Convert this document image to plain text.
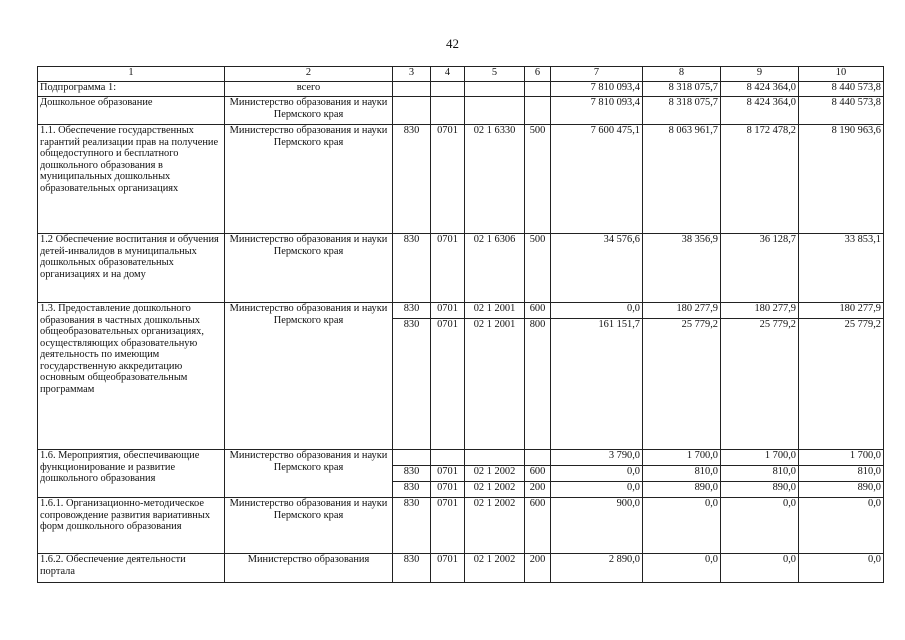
42
1	2	3	4	5	6	7	8	9	10
Подпрограмма 1:	всего					7 810 093,4	8 318 075,7	8 424 364,0	8 440 573,8
Дошкольное образование	Министерство образования и науки Пермского края					7 810 093,4	8 318 075,7	8 424 364,0	8 440 573,8
1.1. Обеспечение государственных гарантий реализации прав на получение общедоступного и бесплатного дошкольного образования в муниципальных дошкольных образовательных организациях	Министерство образования и науки Пермского края	830	0701	02 1 6330	500	7 600 475,1	8 063 961,7	8 172 478,2	8 190 963,6
1.2 Обеспечение воспитания и обучения детей-инвалидов в муниципальных дошкольных образовательных организациях и на дому	Министерство образования и науки Пермского края	830	0701	02 1 6306	500	34 576,6	38 356,9	36 128,7	33 853,1
1.3. Предоставление дошкольного образования в частных дошкольных общеобразовательных организациях, осуществляющих образовательную деятельность по имеющим государственную аккредитацию основным общеобразовательным программам	Министерство образования и науки Пермского края	830	0701	02 1 2001	600	0,0	180 277,9	180 277,9	180 277,9
		830	0701	02 1 2001	800	161 151,7	25 779,2	25 779,2	25 779,2
1.6. Мероприятия, обеспечивающие функционирование и развитие дошкольного образования	Министерство образования и науки Пермского края					3 790,0	1 700,0	1 700,0	1 700,0
		830	0701	02 1 2002	600	0,0	810,0	810,0	810,0
		830	0701	02 1 2002	200	0,0	890,0	890,0	890,0
1.6.1. Организационно-методическое сопровождение развития вариативных форм дошкольного образования	Министерство образования и науки Пермского края	830	0701	02 1 2002	600	900,0	0,0	0,0	0,0
1.6.2. Обеспечение деятельности портала	Министерство образования	830	0701	02 1 2002	200	2 890,0	0,0	0,0	0,0
